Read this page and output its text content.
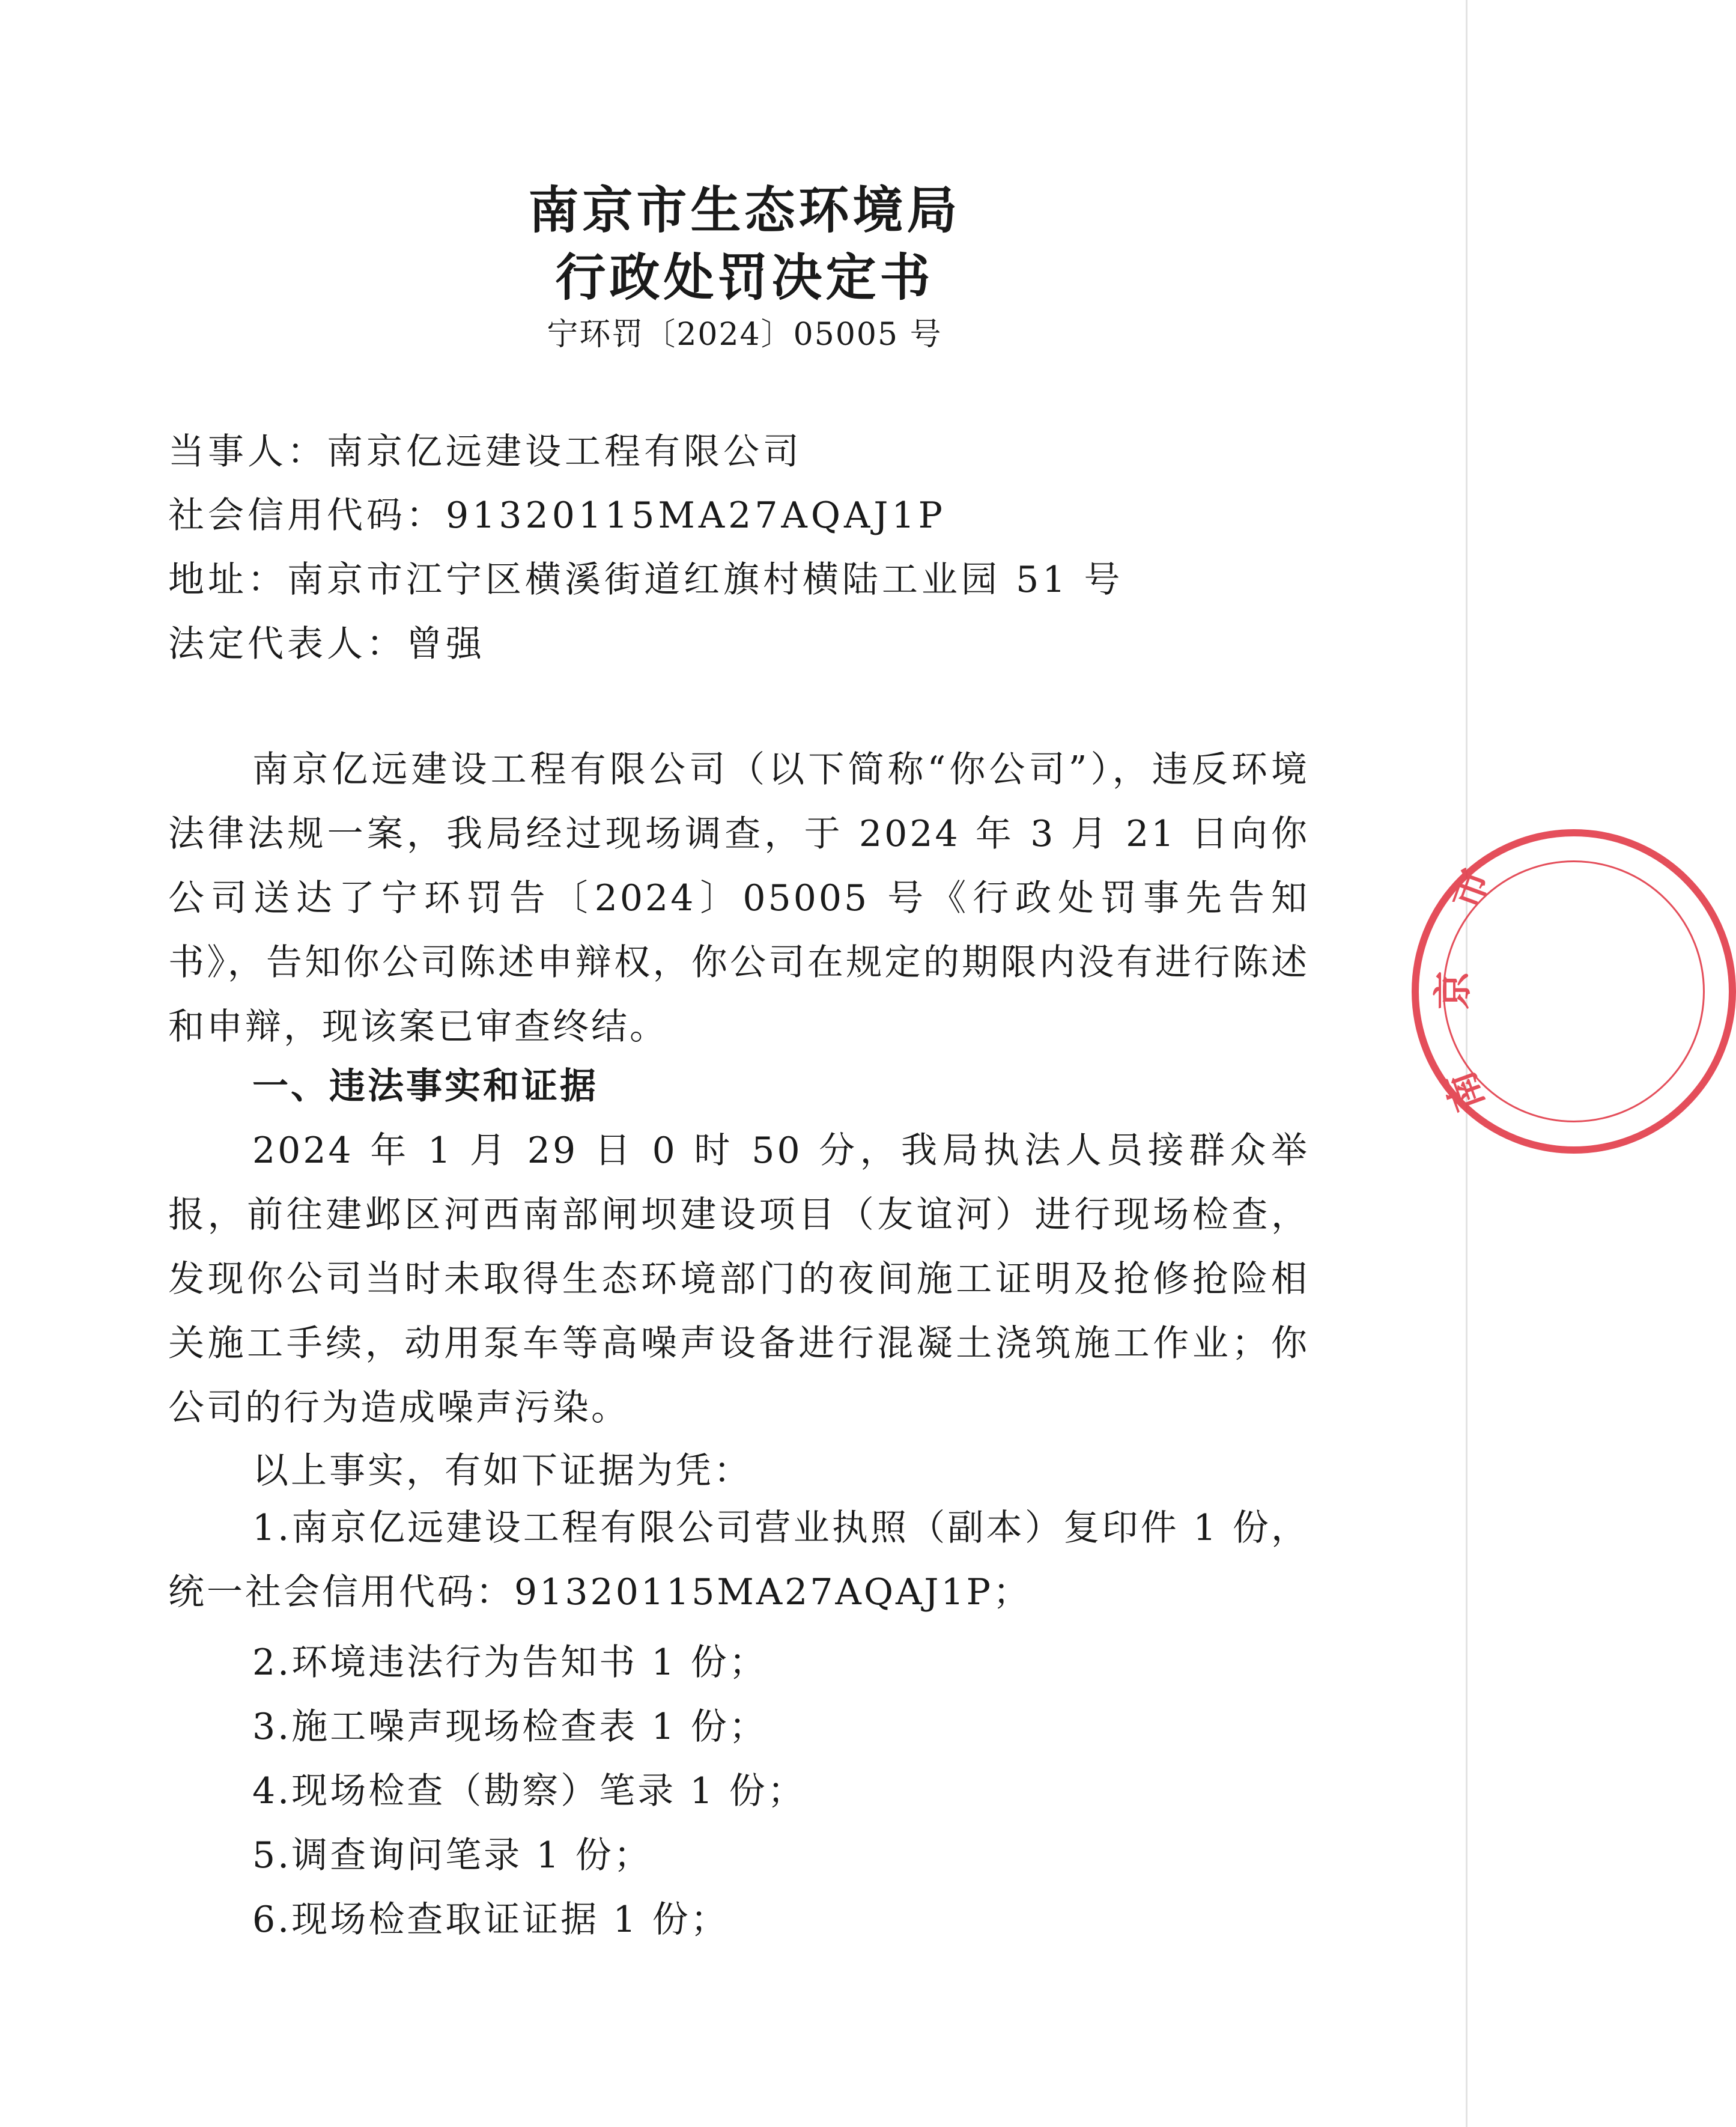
南京市生态环境局
行政处罚决定书
宁环罚〔2024〕05005 号
当事人：南京亿远建设工程有限公司
社会信用代码：91320115MA27AQAJ1P
地址：南京市江宁区横溪街道红旗村横陆工业园 51 号
法定代表人：曾强

南京亿远建设工程有限公司（以下简称“你公司”），违反环境法律法规一案，我局经过现场调查，于 2024 年 3 月 21 日向你公司送达了宁环罚告〔2024〕05005 号《行政处罚事先告知书》，告知你公司陈述申辩权，你公司在规定的期限内没有进行陈述和申辩，现该案已审查终结。

一、违法事实和证据

2024 年 1 月 29 日 0 时 50 分，我局执法人员接群众举报，前往建邺区河西南部闸坝建设项目（友谊河）进行现场检查，发现你公司当时未取得生态环境部门的夜间施工证明及抢修抢险相关施工手续，动用泵车等高噪声设备进行混凝土浇筑施工作业；你公司的行为造成噪声污染。

以上事实，有如下证据为凭：

1.南京亿远建设工程有限公司营业执照（副本）复印件 1 份，统一社会信用代码：91320115MA27AQAJ1P；

2.环境违法行为告知书 1 份；
3.施工噪声现场检查表 1 份；
4.现场检查（勘察）笔录 1 份；
5.调查询问笔录 1 份；
6.现场检查取证证据 1 份；
市
京
南
